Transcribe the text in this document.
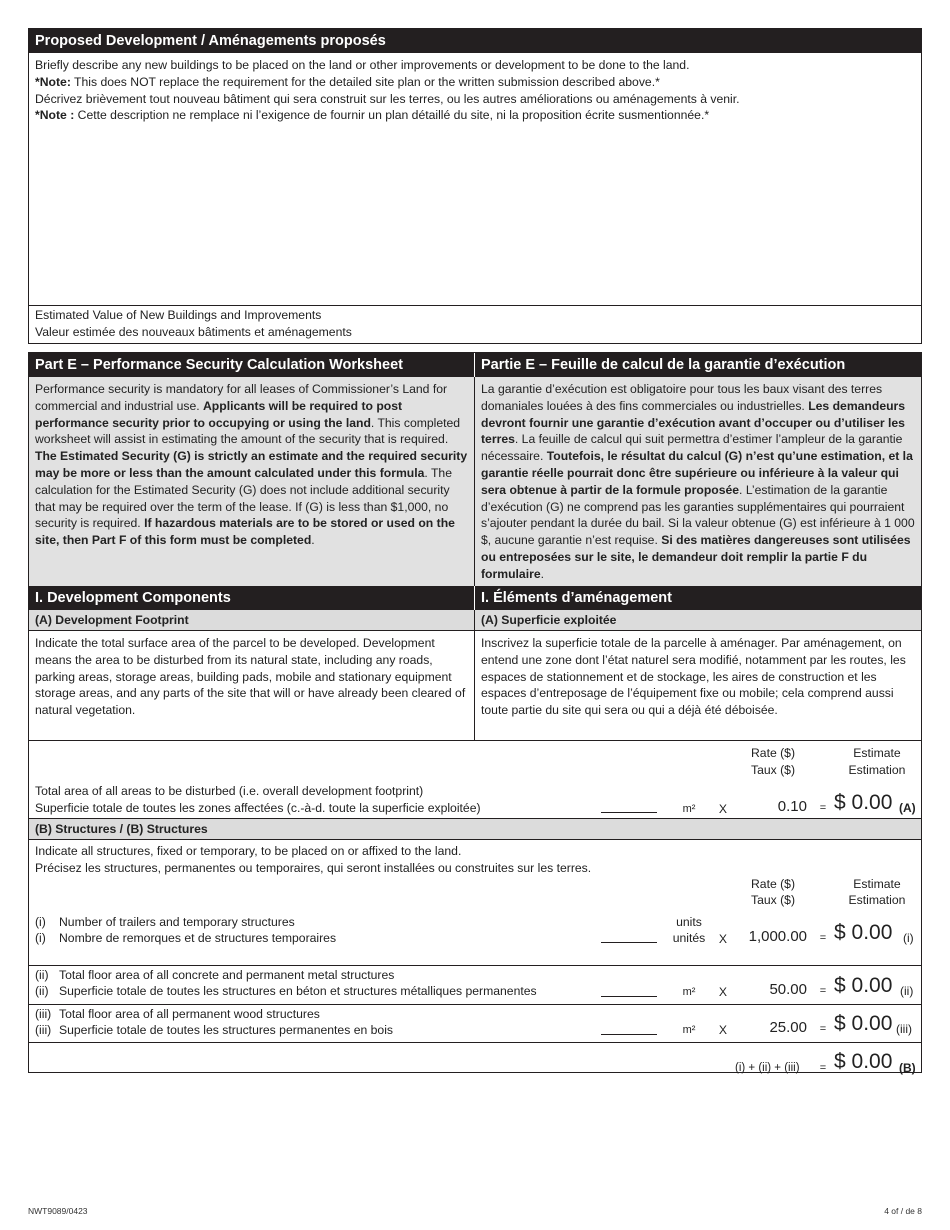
Proposed Development / Aménagements proposés
Briefly describe any new buildings to be placed on the land or other improvements or development to be done to the land.
*Note: This does NOT replace the requirement for the detailed site plan or the written submission described above.*
Décrivez brièvement tout nouveau bâtiment qui sera construit sur les terres, ou les autres améliorations ou aménagements à venir.
*Note : Cette description ne remplace ni l’exigence de fournir un plan détaillé du site, ni la proposition écrite susmentionnée.*
Estimated Value of New Buildings and Improvements
Valeur estimée des nouveaux bâtiments et aménagements
Part E – Performance Security Calculation Worksheet	Partie E – Feuille de calcul de la garantie d’exécution
Performance security is mandatory for all leases of Commissioner’s Land for commercial and industrial use. Applicants will be required to post performance security prior to occupying or using the land. This completed worksheet will assist in estimating the amount of the security that is required. The Estimated Security (G) is strictly an estimate and the required security may be more or less than the amount calculated under this formula. The calculation for the Estimated Security (G) does not include additional security that may be required over the term of the lease. If (G) is less than $1,000, no security is required. If hazardous materials are to be stored or used on the site, then Part F of this form must be completed.
La garantie d’exécution est obligatoire pour tous les baux visant des terres domaniales louées à des fins commerciales ou industrielles. Les demandeurs devront fournir une garantie d’exécution avant d’occuper ou d’utiliser les terres. La feuille de calcul qui suit permettra d’estimer l’ampleur de la garantie nécessaire. Toutefois, le résultat du calcul (G) n’est qu’une estimation, et la garantie réelle pourrait donc être supérieure ou inférieure à la valeur qui sera obtenue à partir de la formule proposée. L’estimation de la garantie d’exécution (G) ne comprend pas les garanties supplémentaires qui pourraient s’ajouter pendant la durée du bail. Si la valeur obtenue (G) est inférieure à 1 000 $, aucune garantie n’est requise. Si des matières dangereuses sont utilisées ou entreposées sur le site, le demandeur doit remplir la partie F du formulaire.
I. Development Components	I. Éléments d’aménagement
(A) Development Footprint	(A) Superficie exploitée
Indicate the total surface area of the parcel to be developed. Development means the area to be disturbed from its natural state, including any roads, parking areas, storage areas, building pads, mobile and stationary equipment storage areas, and any parts of the site that will or have already been cleared of natural vegetation.
Inscrivez la superficie totale de la parcelle à aménager. Par aménagement, on entend une zone dont l’état naturel sera modifié, notamment par les routes, les espaces de stationnement et de stockage, les aires de construction et les espaces d’entreposage de l’équipement fixe ou mobile; cela comprend aussi toute partie du site qui sera ou qui a déjà été déboisée.
Rate ($)
Taux ($)
Estimate
Estimation
Total area of all areas to be disturbed (i.e. overall development footprint)
Superficie totale de toutes les zones affectées (c.-à-d. toute la superficie exploitée)	m²	X	0.10 = $ 0.00 (A)
(B) Structures / (B) Structures
Indicate all structures, fixed or temporary, to be placed on or affixed to the land.
Précisez les structures, permanentes ou temporaires, qui seront installées ou construites sur les terres.
Rate ($)
Taux ($)
Estimate
Estimation
(i)
(i)
Number of trailers and temporary structures
Nombre de remorques et de structures temporaires
units
unités	X	1,000.00 = $ 0.00 (i)
(ii)
(ii)
Total floor area of all concrete and permanent metal structures
Superficie totale de toutes les structures en béton et structures métalliques permanentes	m²	X	50.00 = $ 0.00 (ii)
(iii)
(iii)
Total floor area of all permanent wood structures
Superficie totale de toutes les structures permanentes en bois	m²	X	25.00 = $ 0.00 (iii)
(i) + (ii) + (iii) = $ 0.00 (B)
NWT9089/0423	4 of / de 8
